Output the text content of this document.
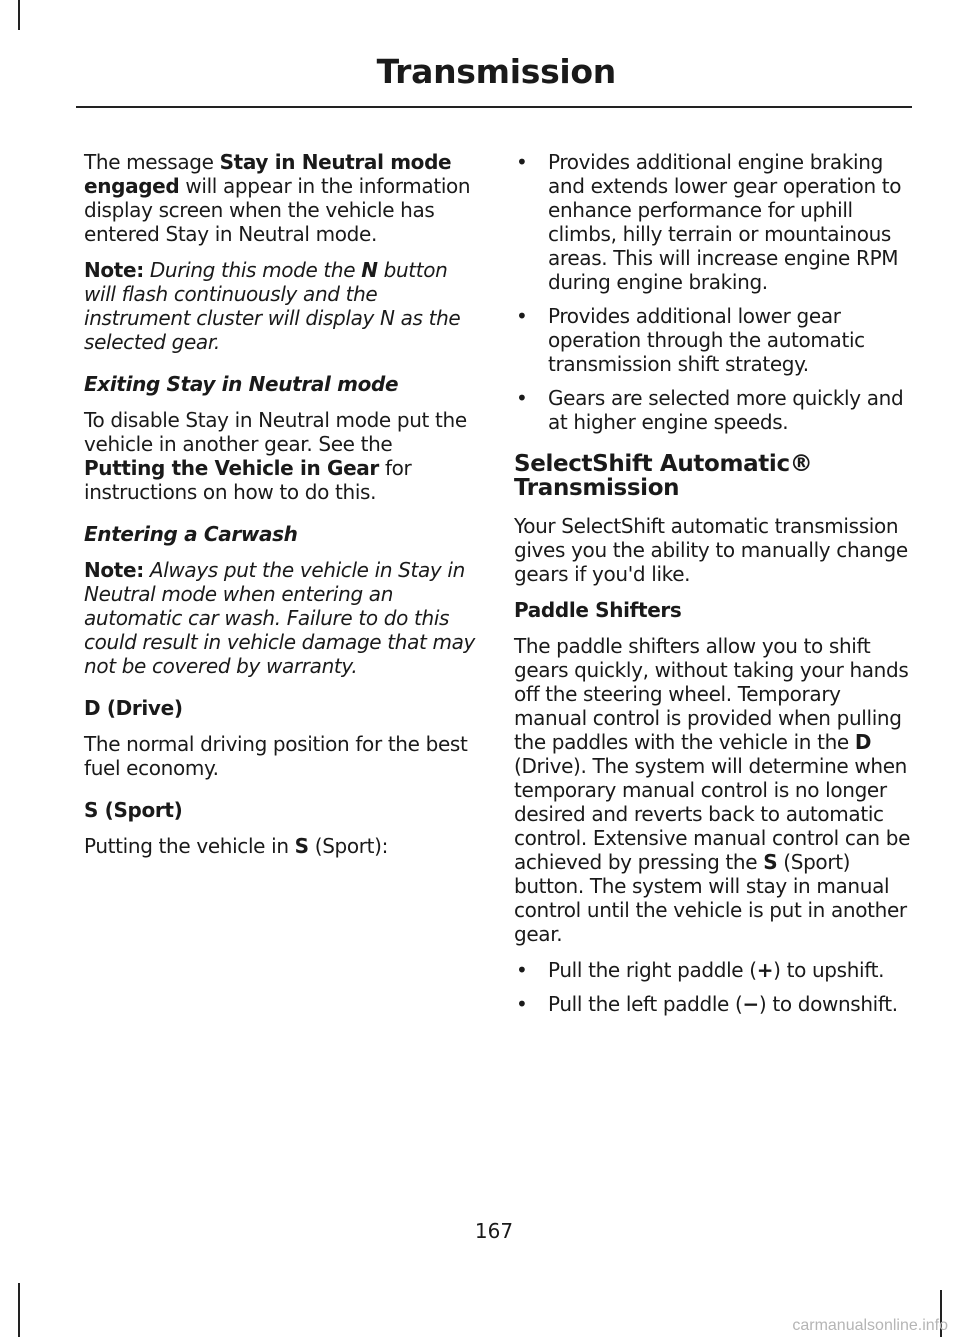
Transmission

The message Stay in Neutral mode engaged will appear in the information display screen when the vehicle has entered Stay in Neutral mode.

Note: During this mode the N button will flash continuously and the instrument cluster will display N as the selected gear.

Exiting Stay in Neutral mode

To disable Stay in Neutral mode put the vehicle in another gear. See the Putting the Vehicle in Gear for instructions on how to do this.

Entering a Carwash

Note: Always put the vehicle in Stay in Neutral mode when entering an automatic car wash. Failure to do this could result in vehicle damage that may not be covered by warranty.

D (Drive)

The normal driving position for the best fuel economy.

S (Sport)

Putting the vehicle in S (Sport):

• Provides additional engine braking and extends lower gear operation to enhance performance for uphill climbs, hilly terrain or mountainous areas. This will increase engine RPM during engine braking.
• Provides additional lower gear operation through the automatic transmission shift strategy.
• Gears are selected more quickly and at higher engine speeds.
SelectShift Automatic® Transmission

Your SelectShift automatic transmission gives you the ability to manually change gears if you'd like.

Paddle Shifters

The paddle shifters allow you to shift gears quickly, without taking your hands off the steering wheel. Temporary manual control is provided when pulling the paddles with the vehicle in the D (Drive). The system will determine when temporary manual control is no longer desired and reverts back to automatic control. Extensive manual control can be achieved by pressing the S (Sport) button. The system will stay in manual control until the vehicle is put in another gear.

• Pull the right paddle (+) to upshift.
• Pull the left paddle (−) to downshift.
167
carmanualsonline.info
